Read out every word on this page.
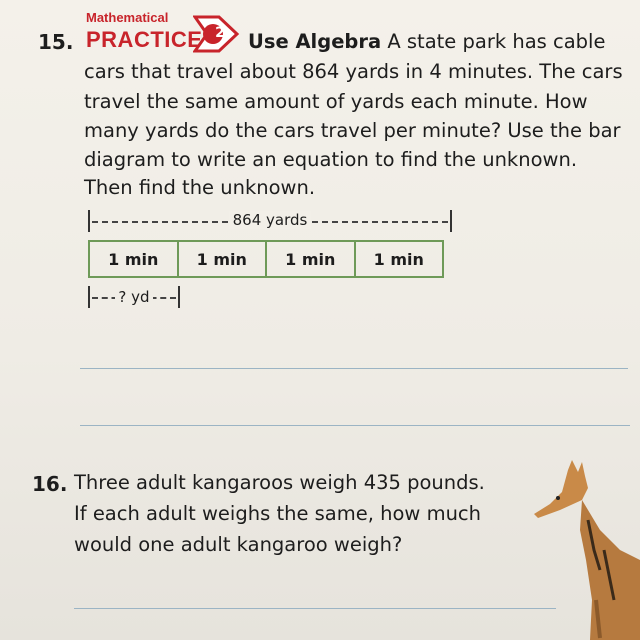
15.
Mathematical
PRACTICE 2	Use Algebra A state park has cable
cars that travel about 864 yards in 4 minutes. The cars
travel the same amount of yards each minute. How
many yards do the cars travel per minute? Use the bar
diagram to write an equation to find the unknown.
Then find the unknown.
864 yards
1 min	1 min	1 min	1 min
? yd
16. Three adult kangaroos weigh 435 pounds.
If each adult weighs the same, how much
would one adult kangaroo weigh?
